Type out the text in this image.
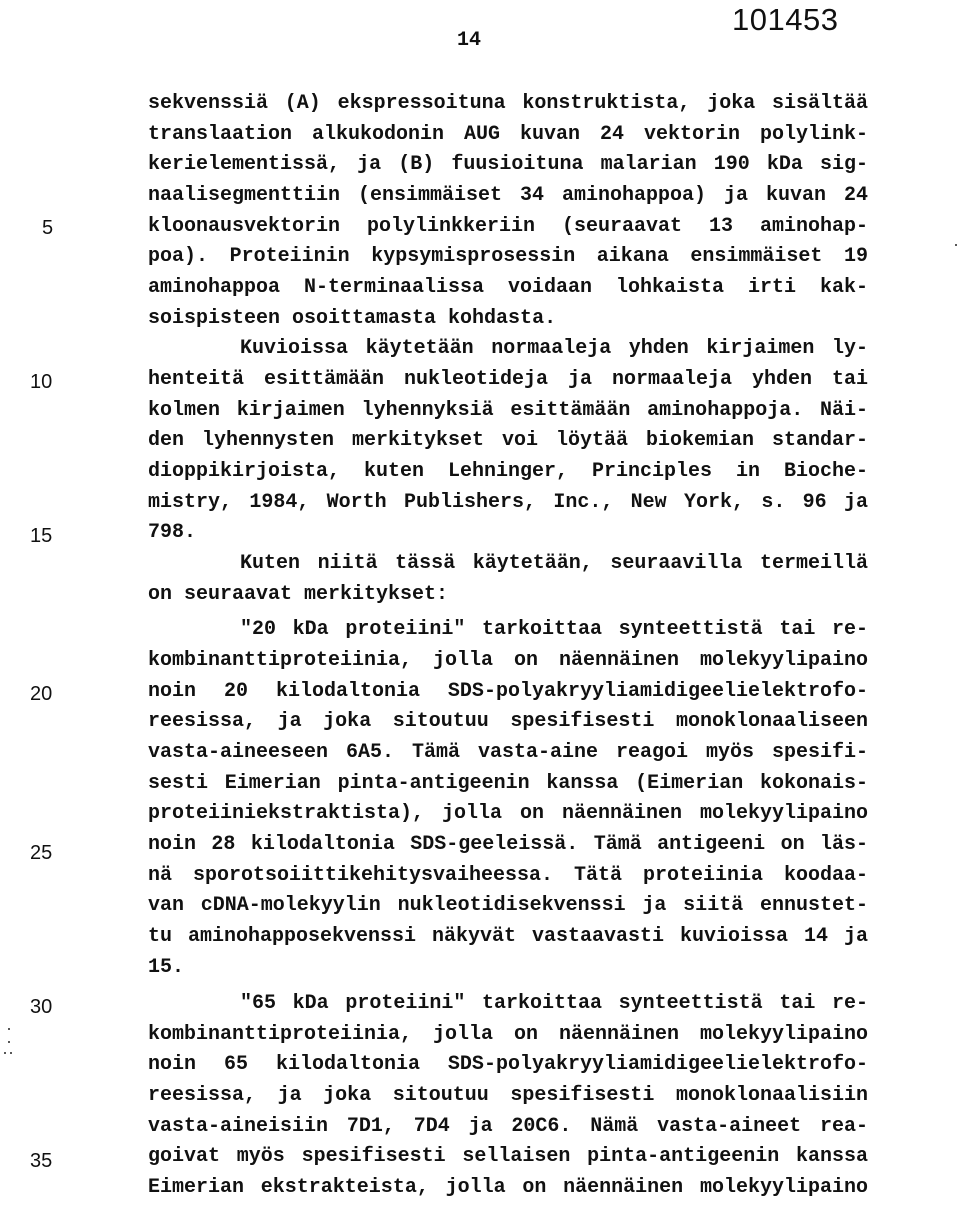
101453
14
5
10
15
20
25
30
35
sekvenssiä (A) ekspressoituna konstruktista, joka sisältää
translaation alkukodonin AUG kuvan 24 vektorin polylink-
kerielementissä, ja (B) fuusioituna malarian 190 kDa sig-
naalisegmenttiin (ensimmäiset 34 aminohappoa) ja kuvan 24
kloonausvektorin polylinkkeriin (seuraavat 13 aminohap-
poa). Proteiinin kypsymisprosessin aikana ensimmäiset 19
aminohappoa N-terminaalissa voidaan lohkaista irti kak-
soispisteen osoittamasta kohdasta.
Kuvioissa käytetään normaaleja yhden kirjaimen ly-
henteitä esittämään nukleotideja ja normaaleja yhden tai
kolmen kirjaimen lyhennyksiä esittämään aminohappoja. Näi-
den lyhennysten merkitykset voi löytää biokemian standar-
dioppikirjoista, kuten Lehninger, Principles in Bioche-
mistry, 1984, Worth Publishers, Inc., New York, s. 96 ja
798.
Kuten niitä tässä käytetään, seuraavilla termeillä
on seuraavat merkitykset:
"20 kDa proteiini" tarkoittaa synteettistä tai re-
kombinanttiproteiinia, jolla on näennäinen molekyylipaino
noin 20 kilodaltonia SDS-polyakryyliamidigeelielektrofo-
reesissa, ja joka sitoutuu spesifisesti monoklonaaliseen
vasta-aineeseen 6A5. Tämä vasta-aine reagoi myös spesifi-
sesti Eimerian pinta-antigeenin kanssa (Eimerian kokonais-
proteiiniekstraktista), jolla on näennäinen molekyylipaino
noin 28 kilodaltonia SDS-geeleissä. Tämä antigeeni on läs-
nä sporotsoiittikehitysvaiheessa. Tätä proteiinia koodaa-
van cDNA-molekyylin nukleotidisekvenssi ja siitä ennustet-
tu aminohapposekvenssi näkyvät vastaavasti kuvioissa 14 ja
15.
"65 kDa proteiini" tarkoittaa synteettistä tai re-
kombinanttiproteiinia, jolla on näennäinen molekyylipaino
noin 65 kilodaltonia SDS-polyakryyliamidigeelielektrofo-
reesissa, ja joka sitoutuu spesifisesti monoklonaalisiin
vasta-aineisiin 7D1, 7D4 ja 20C6. Nämä vasta-aineet rea-
goivat myös spesifisesti sellaisen pinta-antigeenin kanssa
Eimerian ekstrakteista, jolla on näennäinen molekyylipaino
